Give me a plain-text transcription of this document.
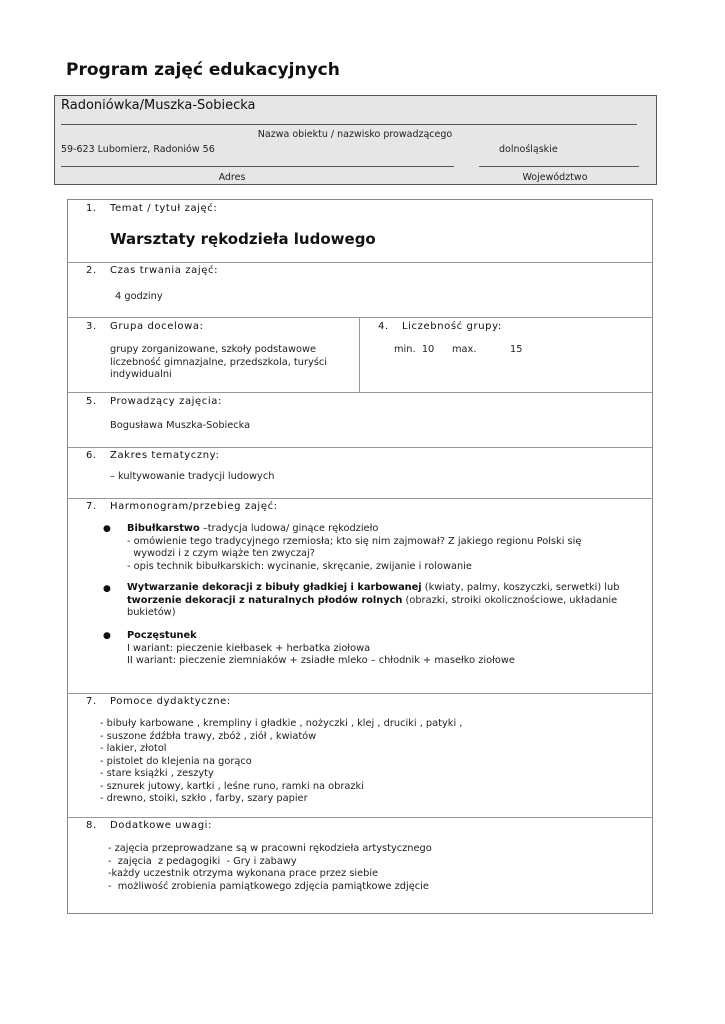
Program zajęć edukacyjnych
Radoniówka/Muszka-Sobiecka
Nazwa obiektu / nazwisko prowadzącego
59-623 Lubomierz, Radoniów 56	dolnośląskie
Adres	Województwo
1. Temat / tytuł zajęć:
Warsztaty rękodzieła ludowego
2. Czas trwania zajęć:
4 godziny
3. Grupa docelowa:
grupy zorganizowane, szkoły podstawowe
liczebność gimnazjalne, przedszkola, turyści
indywidualni
4. Liczebność grupy:
min. 10 max.	15
5. Prowadzący zajęcia:
Bogusława Muszka-Sobiecka
6. Zakres tematyczny:
– kultywowanie tradycji ludowych
7. Harmonogram/przebieg zajęć:
● Bibułkarstwo –tradycja ludowa/ ginące rękodzieło
- omówienie tego tradycyjnego rzemiosła; kto się nim zajmował? Z jakiego regionu Polski się
wywodzi i z czym wiąże ten zwyczaj?
- opis technik bibułkarskich: wycinanie, skręcanie, zwijanie i rolowanie
● Wytwarzanie dekoracji z bibuły gładkiej i karbowanej (kwiaty, palmy, koszyczki, serwetki) lub
tworzenie dekoracji z naturalnych płodów rolnych (obrazki, stroiki okolicznościowe, układanie
bukietów)
● Poczęstunek
I wariant: pieczenie kiełbasek + herbatka ziołowa
II wariant: pieczenie ziemniaków + zsiadłe mleko – chłodnik + masełko ziołowe
7. Pomoce dydaktyczne:
- bibuły karbowane , krempliny i gładkie , nożyczki , klej , druciki , patyki ,
- suszone źdźbła trawy, zbóż , ziół , kwiatów
- lakier, złotol
- pistolet do klejenia na gorąco
- stare książki , zeszyty
- sznurek jutowy, kartki , leśne runo, ramki na obrazki
- drewno, stoiki, szkło , farby, szary papier
8. Dodatkowe uwagi:
- zajęcia przeprowadzane są w pracowni rękodzieła artystycznego
-  zajęcia  z pedagogiki  - Gry i zabawy
-każdy uczestnik otrzyma wykonana prace przez siebie
-  możliwość zrobienia pamiątkowego zdjęcia pamiątkowe zdjęcie
